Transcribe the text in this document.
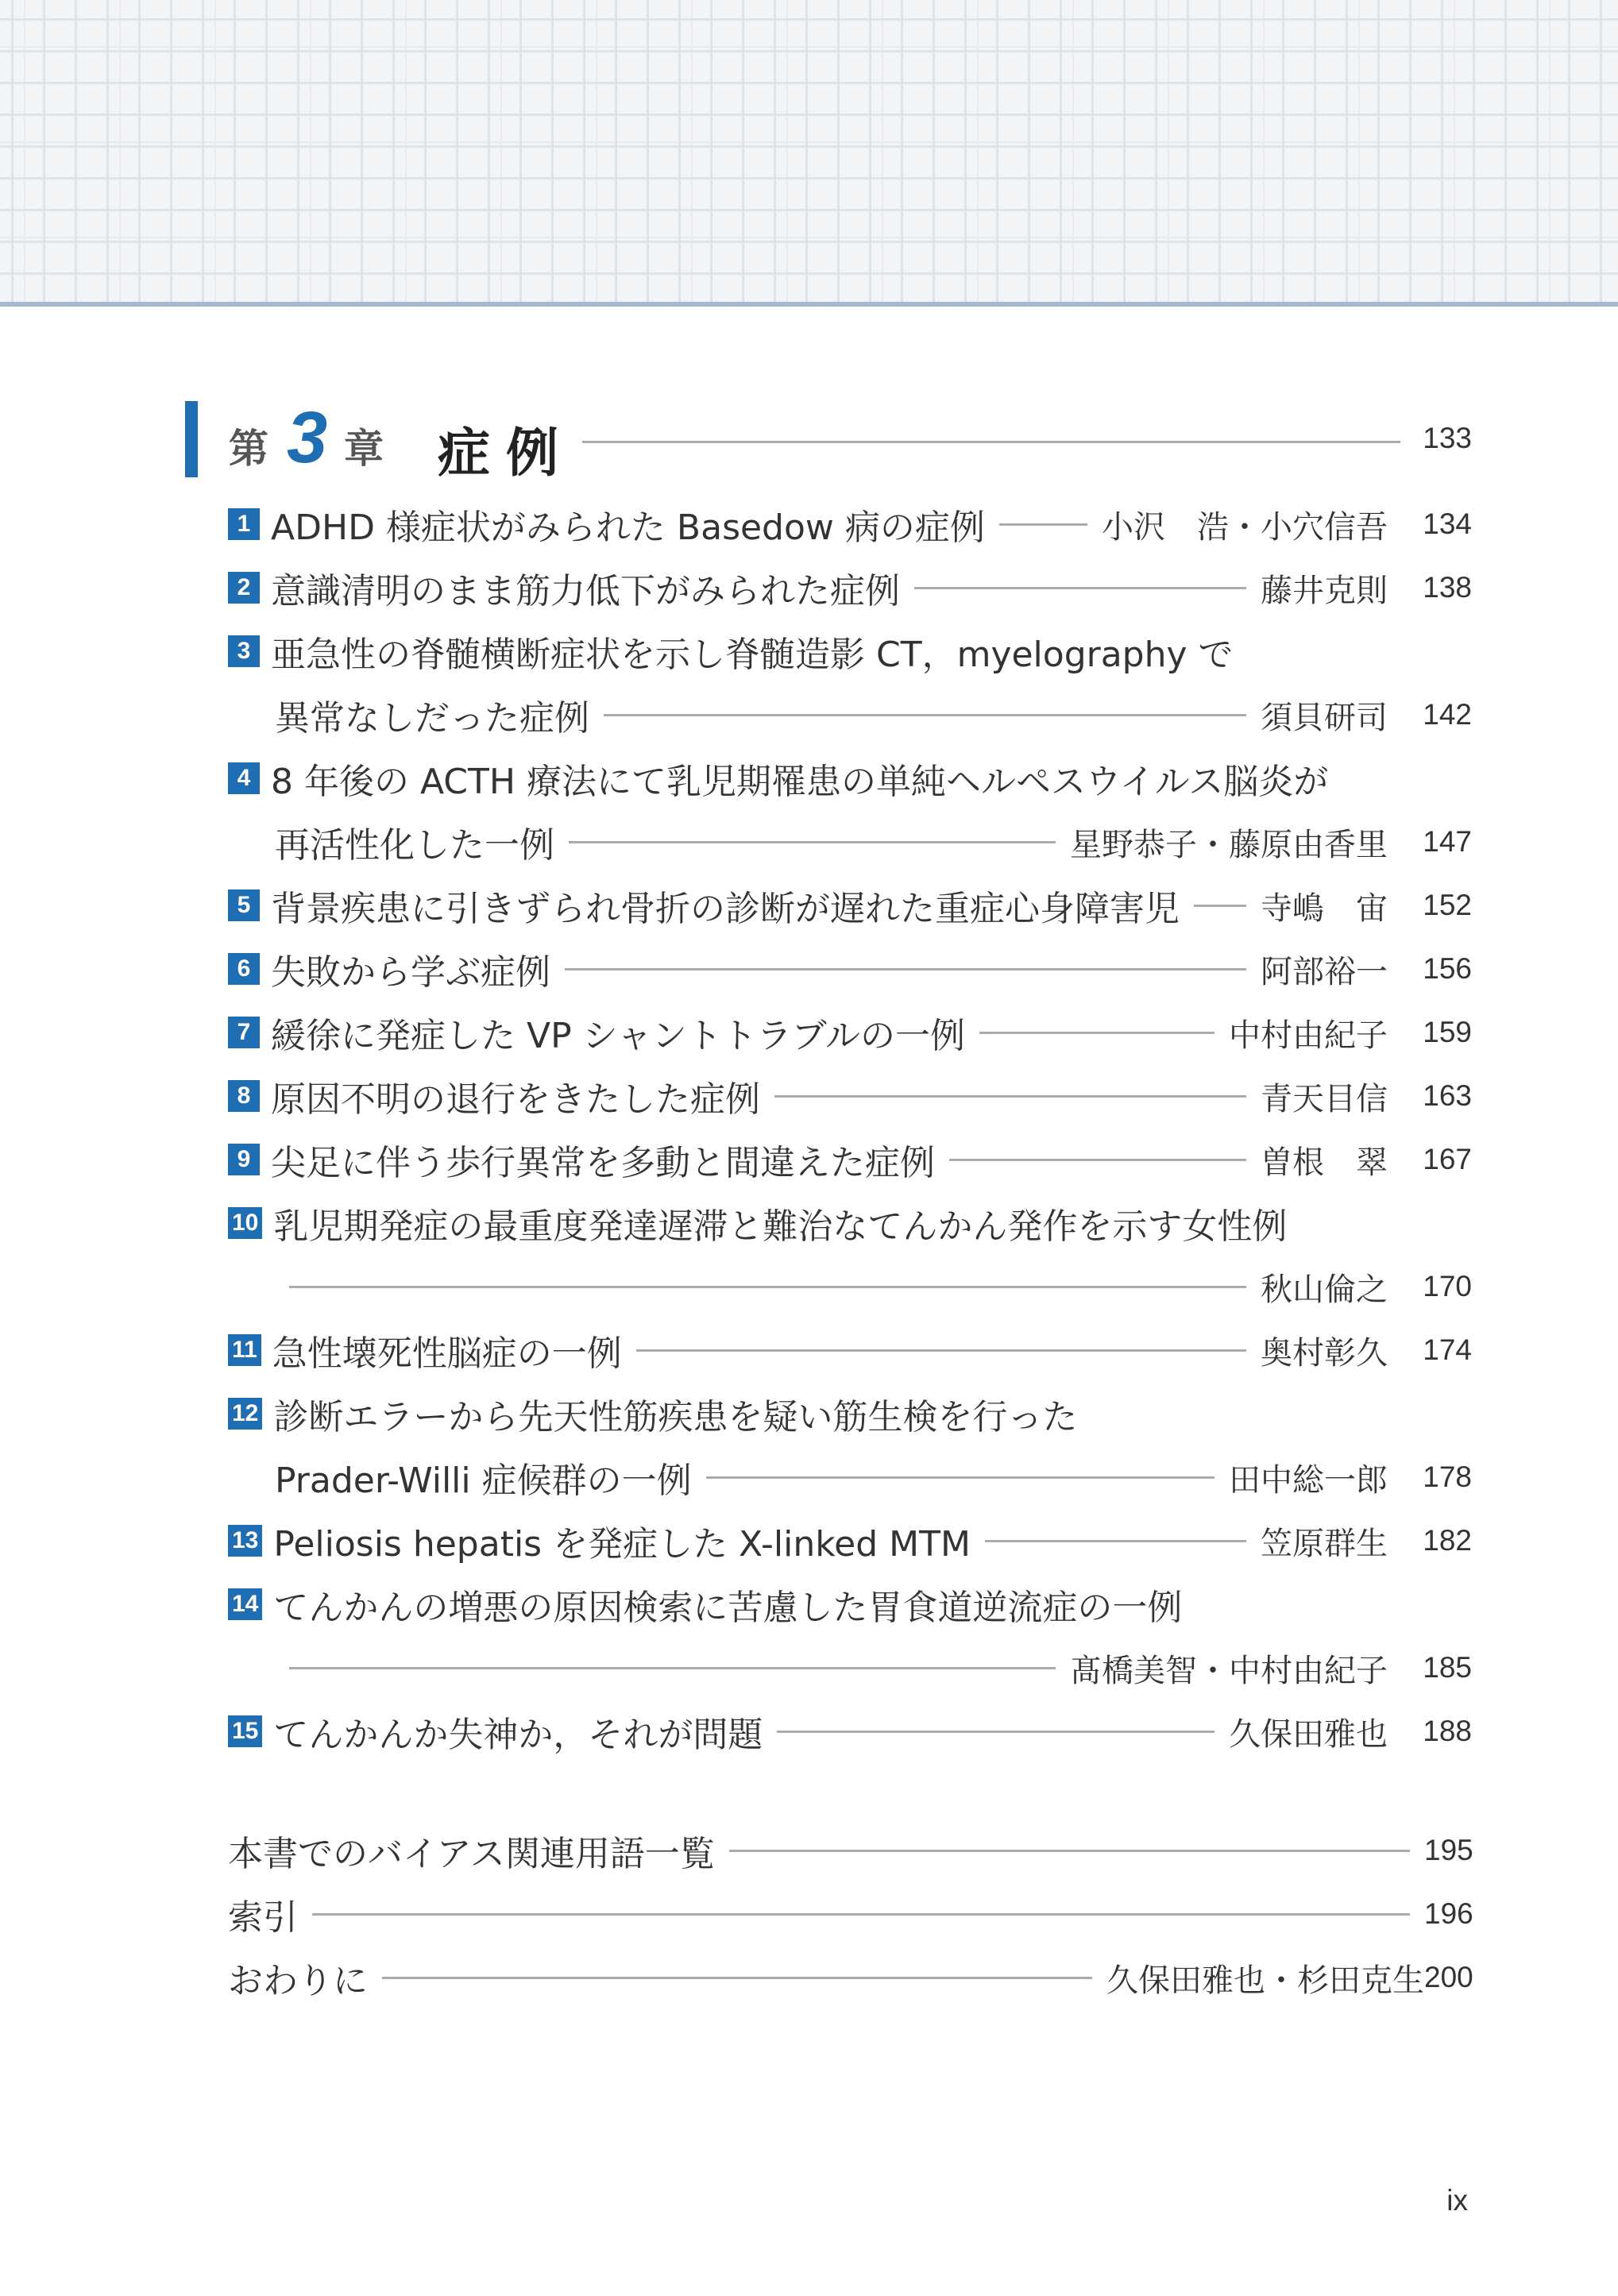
第 3 章 症例	133
1 ADHD 様症状がみられた Basedow 病の症例	小沢　浩・小穴信吾	134
2 意識清明のまま筋力低下がみられた症例	藤井克則	138
3 亜急性の脊髄横断症状を示し脊髄造影 CT，myelography で
異常なしだった症例	須貝研司	142
4 8 年後の ACTH 療法にて乳児期罹患の単純ヘルペスウイルス脳炎が
再活性化した一例	星野恭子・藤原由香里	147
5 背景疾患に引きずられ骨折の診断が遅れた重症心身障害児	寺嶋　宙	152
6 失敗から学ぶ症例	阿部裕一	156
7 緩徐に発症した VP シャントトラブルの一例	中村由紀子	159
8 原因不明の退行をきたした症例	青天目信	163
9 尖足に伴う歩行異常を多動と間違えた症例	曽根　翠	167
10 乳児期発症の最重度発達遅滞と難治なてんかん発作を示す女性例
秋山倫之	170
11 急性壊死性脳症の一例	奥村彰久	174
12 診断エラーから先天性筋疾患を疑い筋生検を行った
Prader-Willi 症候群の一例	田中総一郎	178
13 Peliosis hepatis を発症した X-linked MTM	笠原群生	182
14 てんかんの増悪の原因検索に苦慮した胃食道逆流症の一例
髙橋美智・中村由紀子	185
15 てんかんか失神か，それが問題	久保田雅也	188
本書でのバイアス関連用語一覧	195
索引	196
おわりに	久保田雅也・杉田克生 200
ix
